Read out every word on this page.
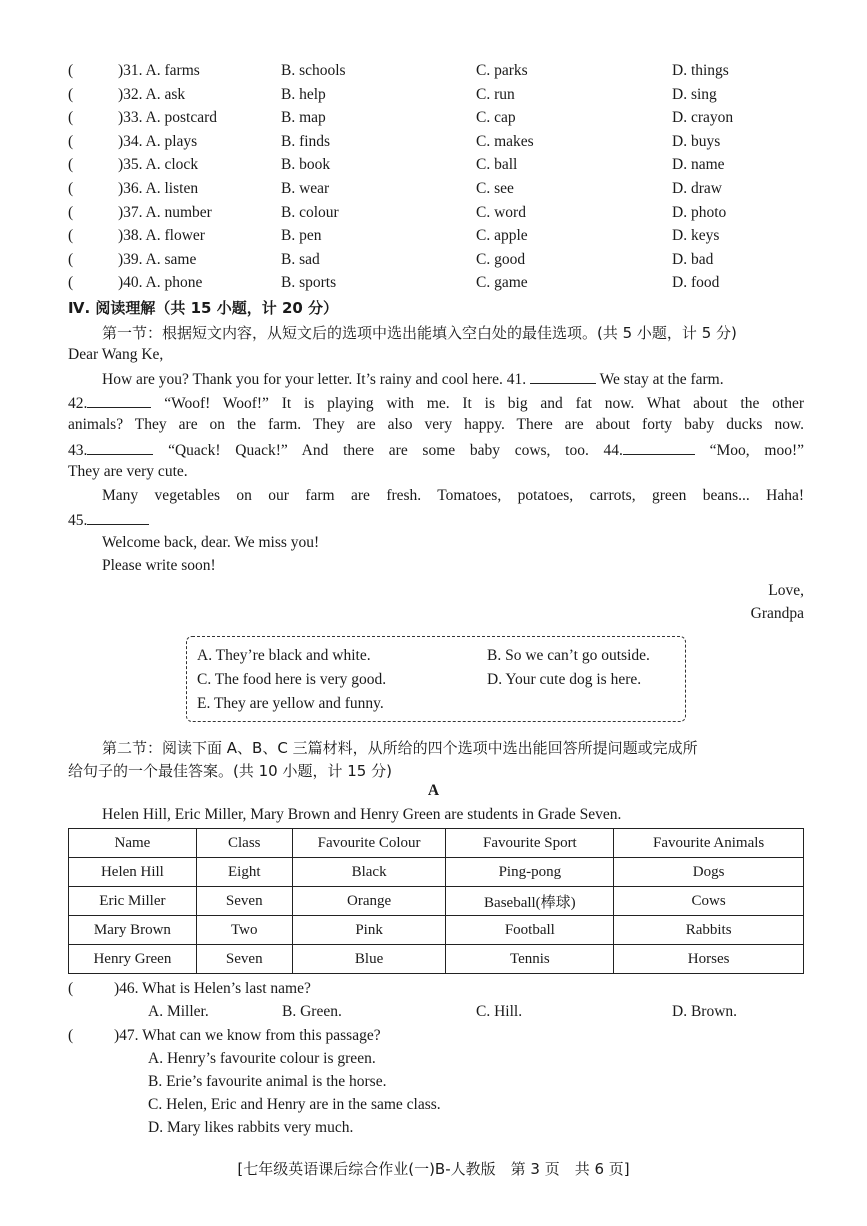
(	)31. A. farms	B. schools	C. parks	D. things
(	)32. A. ask	B. help	C. run	D. sing
(	)33. A. postcard	B. map	C. cap	D. crayon
(	)34. A. plays	B. finds	C. makes	D. buys
(	)35. A. clock	B. book	C. ball	D. name
(	)36. A. listen	B. wear	C. see	D. draw
(	)37. A. number	B. colour	C. word	D. photo
(	)38. A. flower	B. pen	C. apple	D. keys
(	)39. A. same	B. sad	C. good	D. bad
(	)40. A. phone	B. sports	C. game	D. food
Ⅳ. 阅读理解（共 15 小题，计 20 分）
第一节：根据短文内容，从短文后的选项中选出能填入空白处的最佳选项。(共 5 小题，计 5 分)
Dear Wang Ke,
How are you? Thank you for your letter. It’s rainy and cool here. 41.	We stay at the farm.
42.	“Woof! Woof!” It is playing with me. It is big and fat now. What about the other
animals? They are on the farm. They are also very happy. There are about forty baby ducks now.
43.	“Quack! Quack!” And there are some baby cows, too. 44.	“Moo, moo!”
They are very cute.
Many vegetables on our farm are fresh. Tomatoes, potatoes, carrots, green beans... Haha!
45.
Welcome back, dear. We miss you!
Please write soon!
Love,
Grandpa
A. They’re black and white.	B. So we can’t go outside.
C. The food here is very good.	D. Your cute dog is here.
E. They are yellow and funny.
第二节：阅读下面 A、B、C 三篇材料，从所给的四个选项中选出能回答所提问题或完成所
给句子的一个最佳答案。(共 10 小题，计 15 分)
A
Helen Hill, Eric Miller, Mary Brown and Henry Green are students in Grade Seven.
Name	Class	Favourite Colour	Favourite Sport	Favourite Animals
Helen Hill	Eight	Black	Ping-pong	Dogs
Eric Miller	Seven	Orange	Baseball(棒球)	Cows
Mary Brown	Two	Pink	Football	Rabbits
Henry Green	Seven	Blue	Tennis	Horses
(	)46. What is Helen’s last name?
A. Miller.	B. Green.	C. Hill.	D. Brown.
(	)47. What can we know from this passage?
A. Henry’s favourite colour is green.
B. Erie’s favourite animal is the horse.
C. Helen, Eric and Henry are in the same class.
D. Mary likes rabbits very much.
[七年级英语课后综合作业(一)B-人教版　第 3 页　共 6 页]
